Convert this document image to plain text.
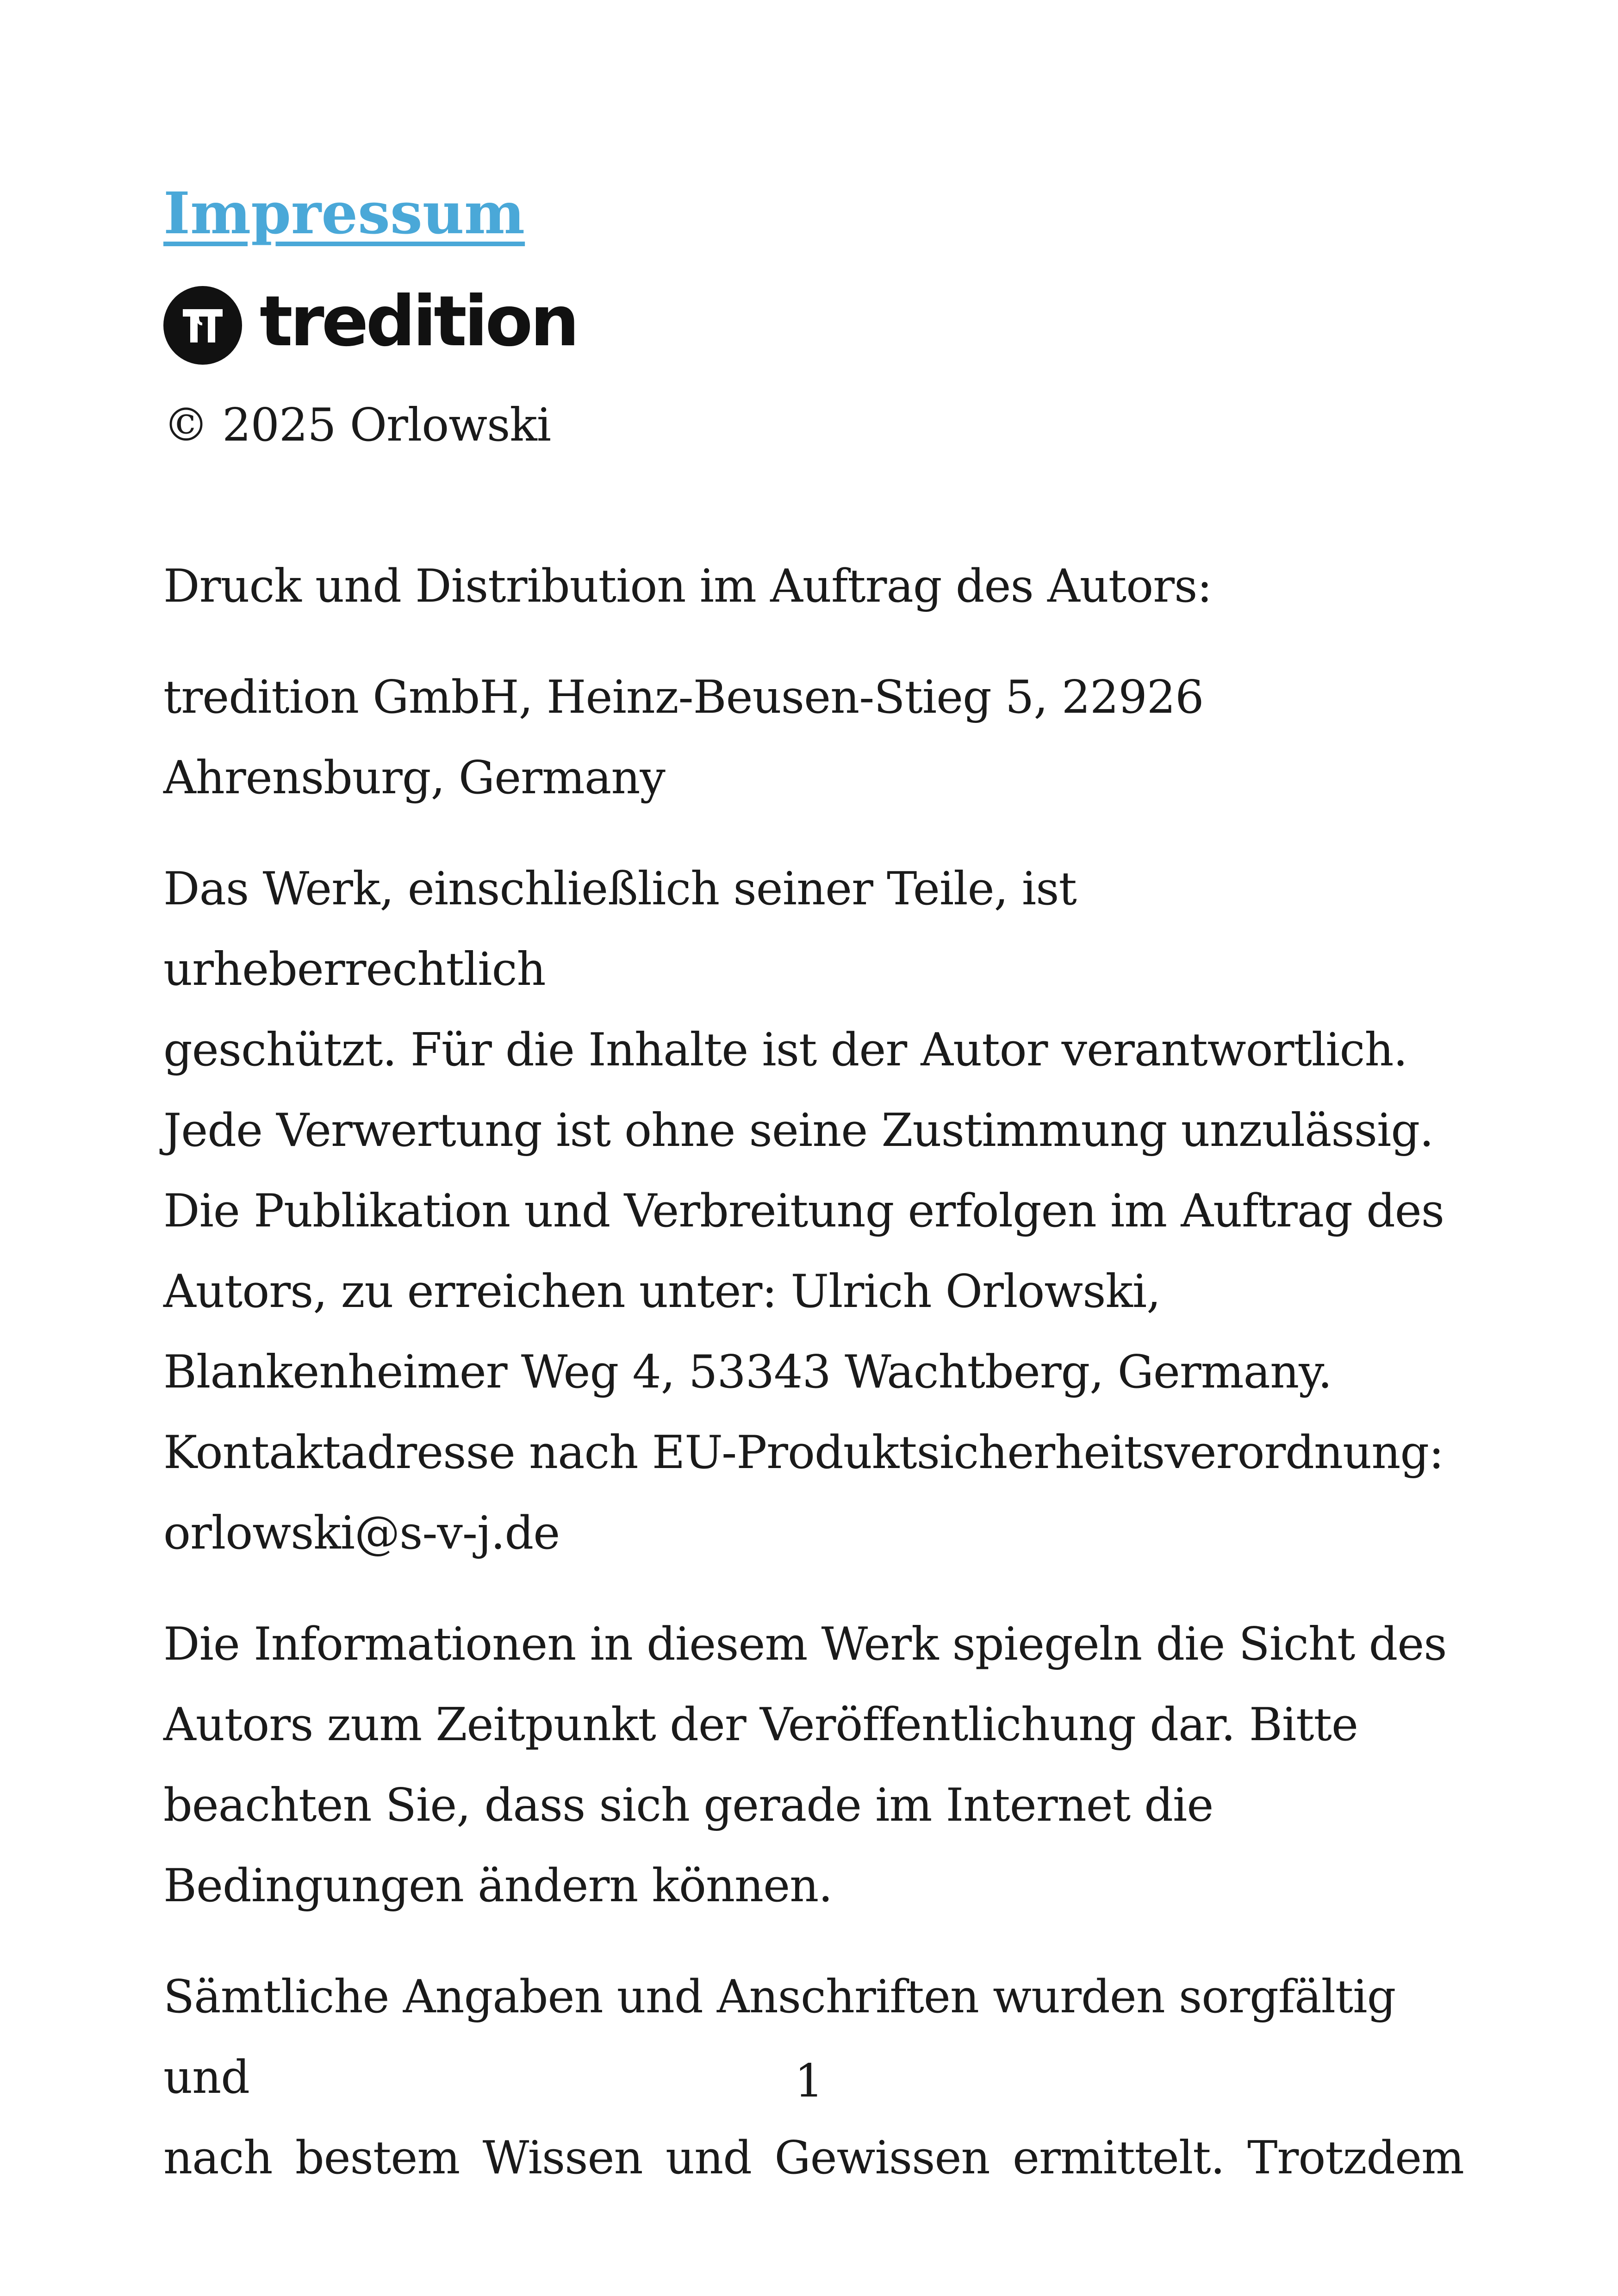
Impressum
tredition

© 2025 Orlowski

Druck und Distribution im Auftrag des Autors:

tredition GmbH, Heinz-Beusen-Stieg 5, 22926

Ahrensburg, Germany

Das Werk, einschließlich seiner Teile, ist urheberrechtlich

geschützt. Für die Inhalte ist der Autor verantwortlich.

Jede Verwertung ist ohne seine Zustimmung unzulässig.

Die Publikation und Verbreitung erfolgen im Auftrag des

Autors, zu erreichen unter: Ulrich Orlowski,

Blankenheimer Weg 4, 53343 Wachtberg, Germany.

Kontaktadresse nach EU-Produktsicherheitsverordnung:

orlowski@s-v-j.de

Die Informationen in diesem Werk spiegeln die Sicht des

Autors zum Zeitpunkt der Veröffentlichung dar. Bitte

beachten Sie, dass sich gerade im Internet die

Bedingungen ändern können.

Sämtliche Angaben und Anschriften wurden sorgfältig und

nach bestem Wissen und Gewissen ermittelt. Trotzdem

1
